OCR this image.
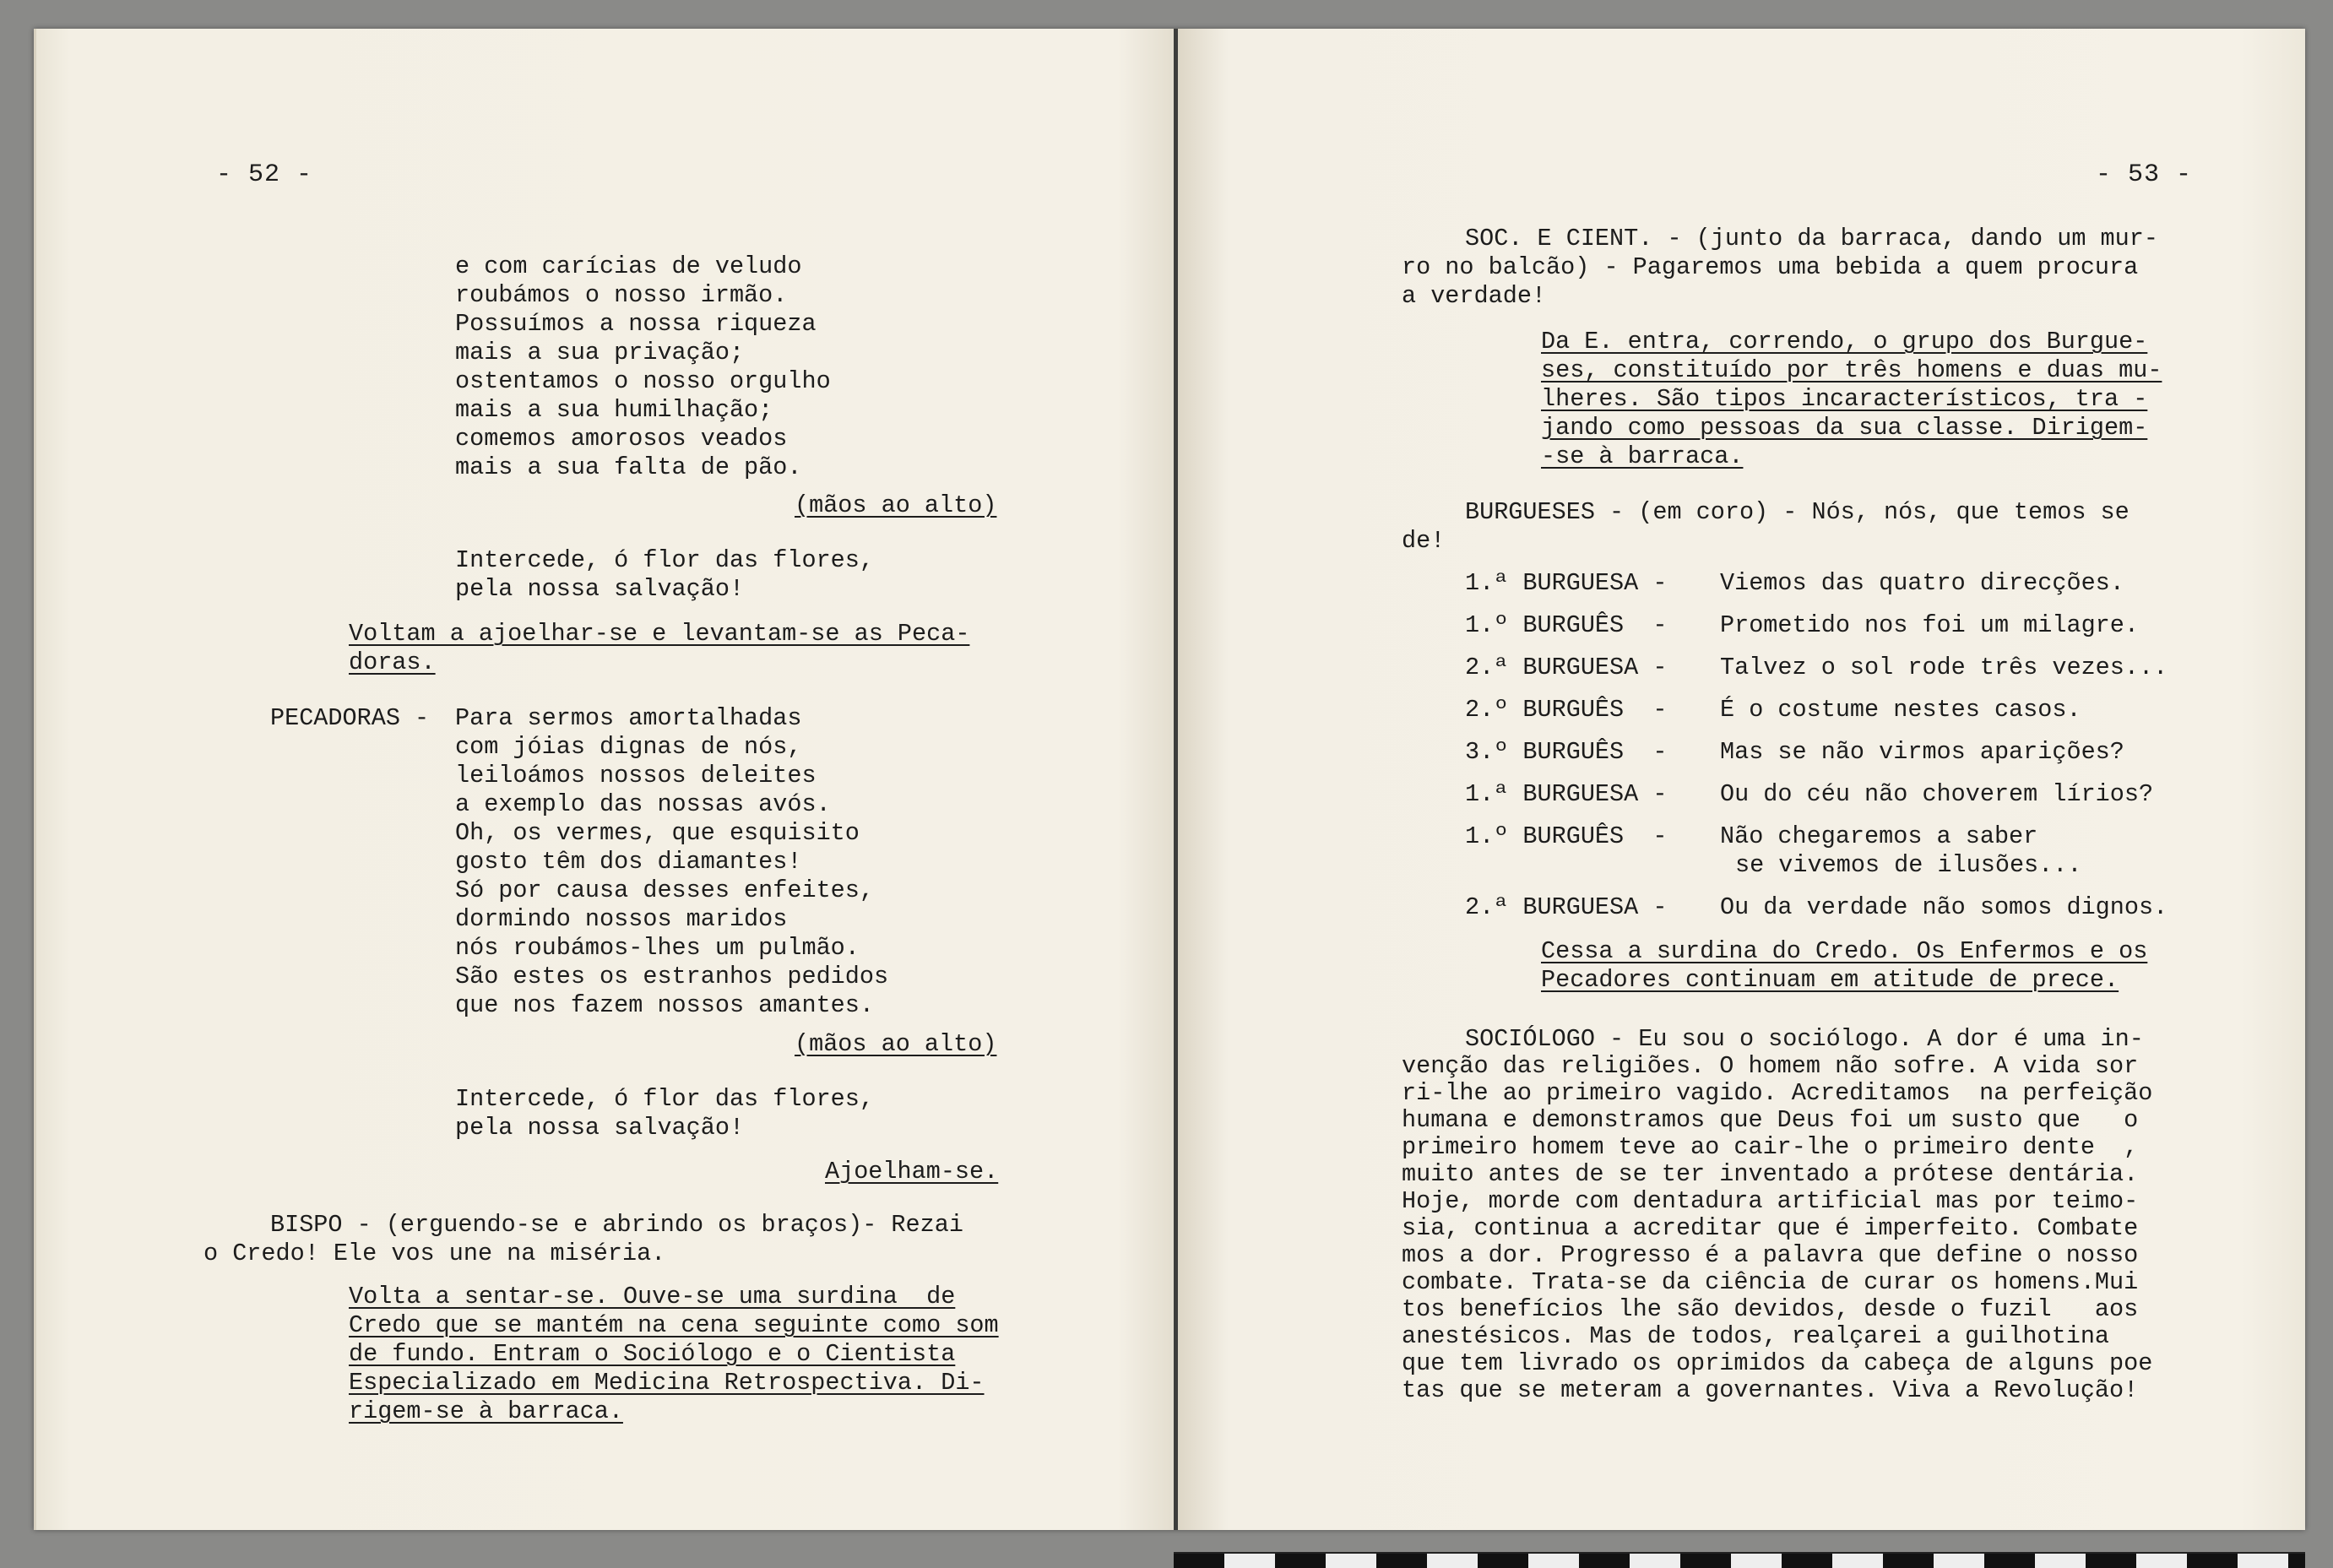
- 52 -
e com carícias de veludo
roubámos o nosso irmão.
Possuímos a nossa riqueza
mais a sua privação;
ostentamos o nosso orgulho
mais a sua humilhação;
comemos amorosos veados
mais a sua falta de pão.
(mãos ao alto)
Intercede, ó flor das flores,
pela nossa salvação!
Voltam a ajoelhar-se e levantam-se as Peca-
doras.
PECADORAS - Para sermos amortalhadas
com jóias dignas de nós,
leiloámos nossos deleites
a exemplo das nossas avós.
Oh, os vermes, que esquisito
gosto têm dos diamantes!
Só por causa desses enfeites,
dormindo nossos maridos
nós roubámos-lhes um pulmão.
São estes os estranhos pedidos
que nos fazem nossos amantes.
(mãos ao alto)
Intercede, ó flor das flores,
pela nossa salvação!
Ajoelham-se.
BISPO - (erguendo-se e abrindo os braços)- Rezai
o Credo! Ele vos une na miséria.
Volta a sentar-se. Ouve-se uma surdina  de
Credo que se mantém na cena seguinte como som
de fundo. Entram o Sociólogo e o Cientista
Especializado em Medicina Retrospectiva. Di-
rigem-se à barraca.
- 53 -
SOC. E CIENT. - (junto da barraca, dando um mur-
ro no balcão) - Pagaremos uma bebida a quem procura
a verdade!
Da E. entra, correndo, o grupo dos Burgue-
ses, constituído por três homens e duas mu-
lheres. São tipos incaracterísticos, tra -
jando como pessoas da sua classe. Dirigem-
-se à barraca.
BURGUESES - (em coro) - Nós, nós, que temos se
de!
1.ª BURGUESA - Viemos das quatro direcções.
1.º BURGUÊS  - Prometido nos foi um milagre.
2.ª BURGUESA - Talvez o sol rode três vezes...
2.º BURGUÊS  - É o costume nestes casos.
3.º BURGUÊS  - Mas se não virmos aparições?
1.ª BURGUESA - Ou do céu não choverem lírios?
1.º BURGUÊS  - Não chegaremos a saber
se vivemos de ilusões...
2.ª BURGUESA - Ou da verdade não somos dignos.
Cessa a surdina do Credo. Os Enfermos e os
Pecadores continuam em atitude de prece.
SOCIÓLOGO - Eu sou o sociólogo. A dor é uma in-
venção das religiões. O homem não sofre. A vida sor
ri-lhe ao primeiro vagido. Acreditamos  na perfeição
humana e demonstramos que Deus foi um susto que   o
primeiro homem teve ao cair-lhe o primeiro dente  ,
muito antes de se ter inventado a prótese dentária.
Hoje, morde com dentadura artificial mas por teimo-
sia, continua a acreditar que é imperfeito. Combate
mos a dor. Progresso é a palavra que define o nosso
combate. Trata-se da ciência de curar os homens.Mui
tos benefícios lhe são devidos, desde o fuzil   aos
anestésicos. Mas de todos, realçarei a guilhotina
que tem livrado os oprimidos da cabeça de alguns poe
tas que se meteram a governantes. Viva a Revolução!
